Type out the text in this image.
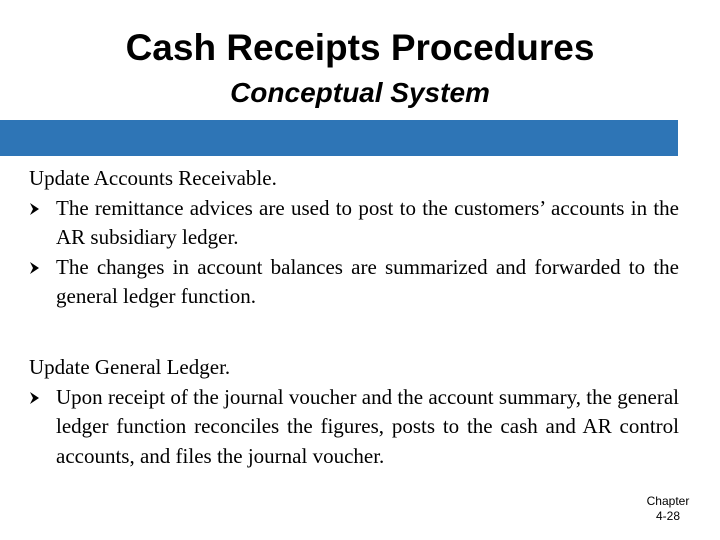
Cash Receipts Procedures
Conceptual System

Update Accounts Receivable.

The remittance advices are used to post to the customers’ accounts in the AR subsidiary ledger.
The changes in account balances are summarized and forwarded to the general ledger function.

Update General Ledger.

Upon receipt of the journal voucher and the account summary, the general ledger function reconciles the figures, posts to the cash and AR control accounts, and files the journal voucher.
Chapter
4-28
